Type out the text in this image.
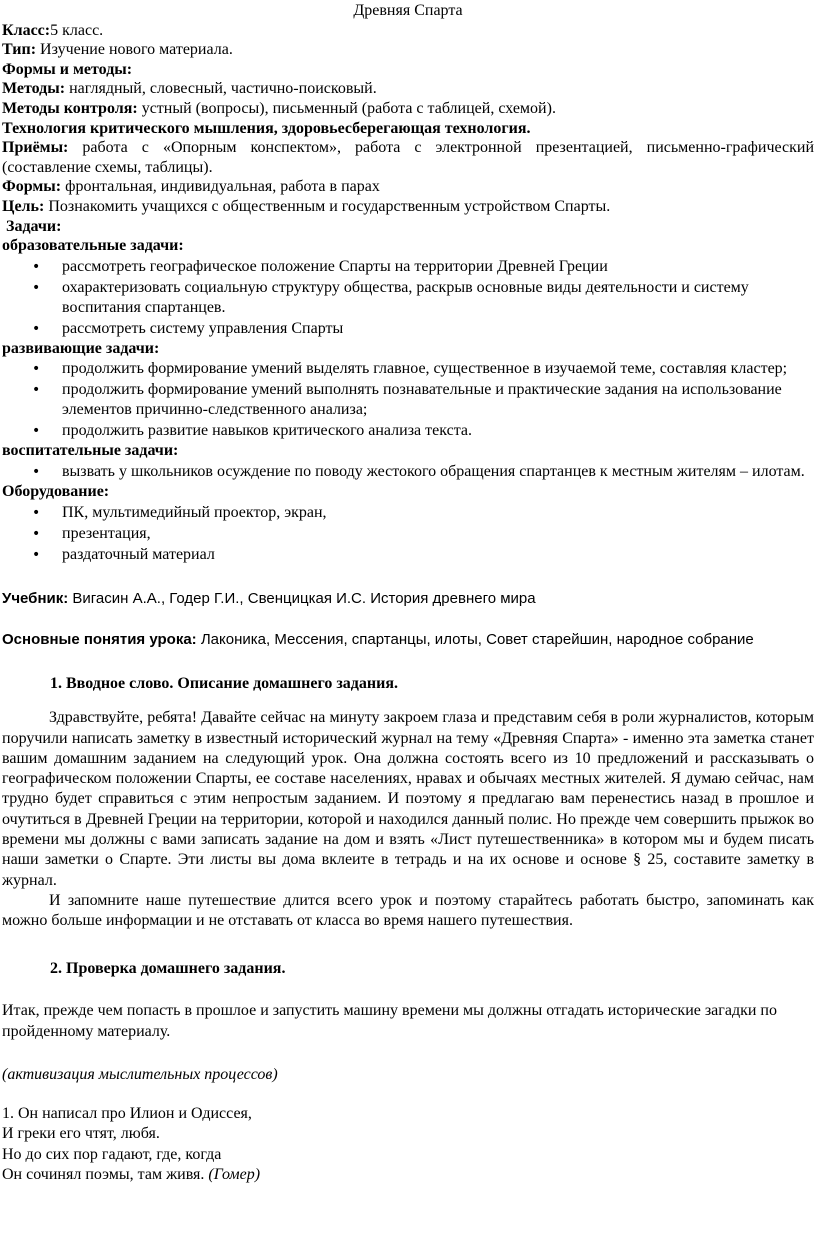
Древняя Спарта

Класс:5 класс.

Тип: Изучение нового материала.

Формы и методы:

Методы: наглядный, словесный, частично-поисковый.

Методы контроля: устный (вопросы), письменный (работа с таблицей, схемой).

Технология критического мышления, здоровьесберегающая технология.

Приёмы: работа с «Опорным конспектом», работа с электронной презентацией, письменно-графический (составление схемы, таблицы).

Формы: фронтальная, индивидуальная, работа в парах

Цель: Познакомить учащихся с общественным и государственным устройством Спарты.

Задачи:
образовательные задачи:
• рассмотреть географическое положение Спарты на территории Древней Греции
• охарактеризовать социальную структуру общества, раскрыв основные виды деятельности и систему воспитания спартанцев.
• рассмотреть систему управления Спарты
развивающие задачи:
• продолжить формирование умений выделять главное, существенное в изучаемой теме, составляя кластер;
• продолжить формирование умений выполнять познавательные и практические задания на использование элементов причинно-следственного анализа;
• продолжить развитие навыков критического анализа текста.
воспитательные задачи:
• вызвать у школьников осуждение по поводу жестокого обращения спартанцев к местным жителям – илотам.
Оборудование:
• ПК, мультимедийный проектор, экран,
• презентация,
• раздаточный материал

Учебник: Вигасин А.А., Годер Г.И., Свенцицкая И.С. История древнего мира

Основные понятия урока: Лаконика, Мессения, спартанцы, илоты, Совет старейшин, народное собрание

1. Вводное слово. Описание домашнего задания.

Здравствуйте, ребята! Давайте сейчас на минуту закроем глаза и представим себя в роли журналистов, которым поручили написать заметку в известный исторический журнал на тему «Древняя Спарта» - именно эта заметка станет вашим домашним заданием на следующий урок. Она должна состоять всего из 10 предложений и рассказывать о географическом положении Спарты, ее составе населениях, нравах и обычаях местных жителей. Я думаю сейчас, нам трудно будет справиться с этим непростым заданием. И поэтому я предлагаю вам перенестись назад в прошлое и очутиться в Древней Греции на территории, которой и находился данный полис. Но прежде чем совершить прыжок во времени мы должны с вами записать задание на дом и взять «Лист путешественника» в котором мы и будем писать наши заметки о Спарте. Эти листы вы дома вклеите в тетрадь и на их основе и основе § 25, составите заметку в журнал.

И запомните наше путешествие длится всего урок и поэтому старайтесь работать быстро, запоминать как можно больше информации и не отставать от класса во время нашего путешествия.

2. Проверка домашнего задания.

Итак, прежде чем попасть в прошлое и запустить машину времени мы должны отгадать исторические загадки по пройденному материалу.

(активизация мыслительных процессов)

1. Он написал про Илион и Одиссея,
И греки его чтят, любя.
Но до сих пор гадают, где, когда
Он сочинял поэмы, там живя. (Гомер)
